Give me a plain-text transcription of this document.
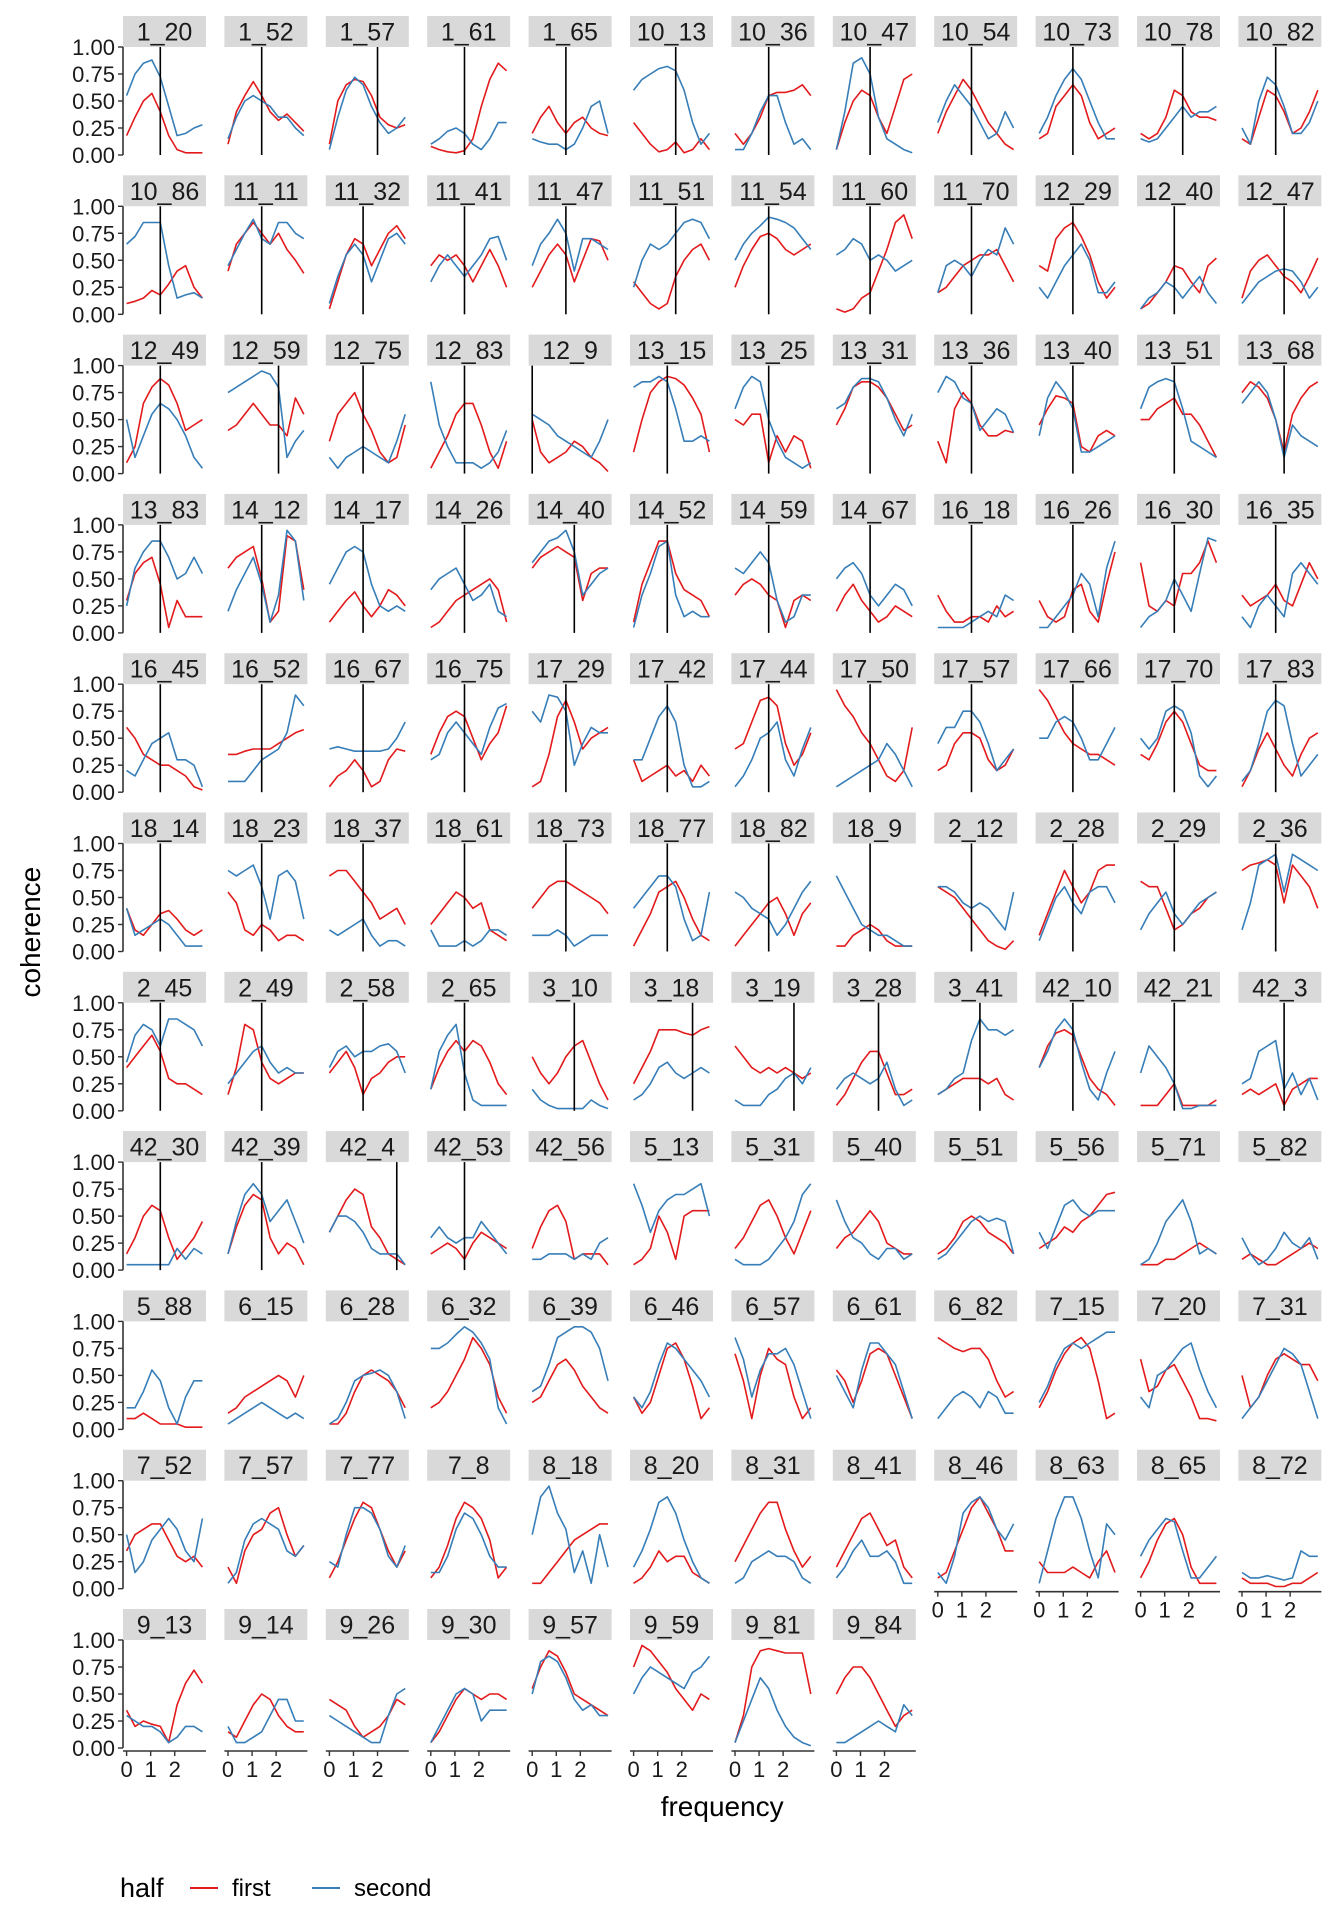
1_20
0.00
0.25
0.50
0.75
1.00
1_52 1_57 1_61 1_65 10_13 10_36 10_47 10_54 10_73 10_78 10_82
10_86
0.00
0.25
0.50
0.75
1.00
11_11 11_32 11_41 11_47 11_51 11_54 11_60 11_70 12_29 12_40 12_47
12_49
0.00
0.25
0.50
0.75
1.00
12_59 12_75 12_83 12_9 13_15 13_25 13_31 13_36 13_40 13_51 13_68
13_83
0.00
0.25
0.50
0.75
1.00
14_12 14_17 14_26 14_40 14_52 14_59 14_67 16_18 16_26 16_30 16_35
16_45
0.00
0.25
0.50
0.75
1.00
16_52 16_67 16_75 17_29 17_42 17_44 17_50 17_57 17_66 17_70 17_83
18_14
0.00
0.25
0.50
0.75
1.00
18_23 18_37 18_61 18_73 18_77 18_82 18_9 2_12 2_28 2_29 2_36
2_45
0.00
0.25
0.50
0.75
1.00
2_49 2_58 2_65 3_10 3_18 3_19 3_28 3_41 42_10 42_21 42_3
42_30
0.00
0.25
0.50
0.75
1.00
42_39 42_4 42_53 42_56 5_13 5_31 5_40 5_51 5_56 5_71 5_82
5_88
0.00
0.25
0.50
0.75
1.00
6_15 6_28 6_32 6_39 6_46 6_57 6_61 6_82 7_15 7_20 7_31
7_52
0.00
0.25
0.50
0.75
1.00
7_57 7_77 7_8 8_18 8_20 8_31 8_41 8_46
0 1 2
8_63
0 1 2
8_65
0 1 2
8_72
0 1 2
9_13
0.00
0.25
0.50
0.75
1.00
0 1 2
9_14
0 1 2
9_26
0 1 2
9_30
0 1 2
9_57
0 1 2
9_59
0 1 2
9_81
0 1 2
9_84
0 1 2
frequency
coherence
half	first	second
